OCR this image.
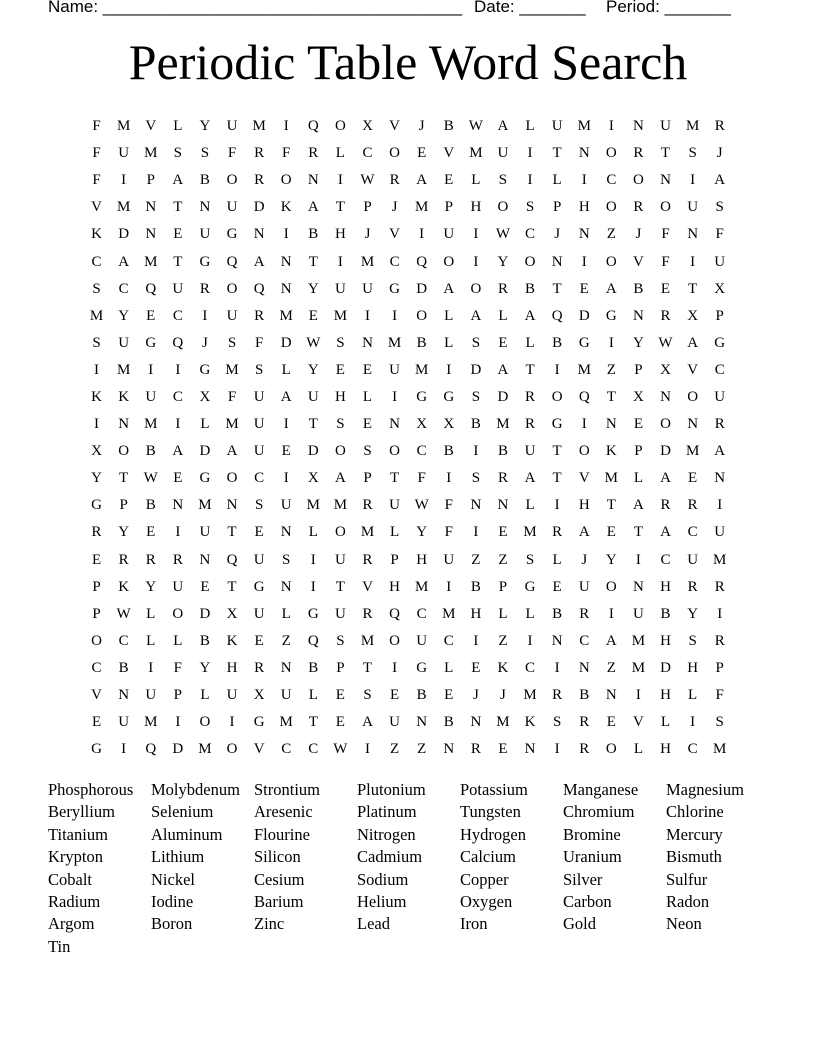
Name: ______________________________________ Date: _______ Period: _______
Periodic Table Word Search
F	M	V	L	Y	U	M	I	Q	O	X	V	J	B	W A	L	U	M	I	N	U	M	R
F	U	M	S	S	F	R	F	R	L	C	O	E	V	M	U	I	T	N	O	R	T	S	J
F	I	P	A	B	O	R	O	N	I	W	R	A	E	L	S	I	L	I	C	O	N	I	A
V	M	N	T	N	U	D	K	A	T	P	J	M	P	H	O	S	P	H	O	R	O	U	S
K	D	N	E	U	G	N	I	B	H	J	V	I	U	I	W	C	J	N	Z	J	F	N	F
C	A	M	T	G	Q	A	N	T	I	M	C	Q	O	I	Y	O	N	I	O	V	F	I	U
S	C	Q	U	R	O	Q	N	Y	U	U	G	D	A	O	R	B	T	E	A	B	E	T	X
M	Y	E	C	I	U	R	M	E	M	I	I	O	L	A	L	A	Q	D	G	N	R	X	P
S	U	G	Q	J	S	F	D W	S	N	M	B	L	S	E	L	B	G	I	Y W A	G
I	M	I	I	G	M	S	L	Y	E	E	U	M	I	D	A	T	I	M	Z	P	X	V	C
K	K	U	C	X	F	U	A	U	H	L	I	G	G	S	D	R	O	Q	T	X	N	O	U
I	N	M	I	L	M	U	I	T	S	E	N	X	X	B	M	R	G	I	N	E	O	N	R
X	O	B	A	D	A	U	E	D	O	S	O	C	B	I	B	U	T	O	K	P	D	M	A
Y	T	W	E	G	O	C	I	X	A	P	T	F	I	S	R	A	T	V	M	L	A	E	N
G	P	B	N	M	N	S	U	M M	R	U W	F	N	N	L	I	H	T	A	R	R	I
R	Y	E	I	U	T	E	N	L	O	M	L	Y	F	I	E	M	R	A	E	T	A	C	U
E	R	R	R	N	Q	U	S	I	U	R	P	H	U	Z	Z	S	L	J	Y	I	C	U	M
P	K	Y	U	E	T	G	N	I	T	V	H	M	I	B	P	G	E	U	O	N	H	R	R
P	W	L	O	D	X	U	L	G	U	R	Q	C	M	H	L	L	B	R	I	U	B	Y	I
O	C	L	L	B	K	E	Z	Q	S	M	O	U	C	I	Z	I	N	C	A	M	H	S	R
C	B	I	F	Y	H	R	N	B	P	T	I	G	L	E	K	C	I	N	Z	M	D	H	P
V	N	U	P	L	U	X	U	L	E	S	E	B	E	J	J	M	R	B	N	I	H	L	F
E	U	M	I	O	I	G	M	T	E	A	U	N	B	N	M	K	S	R	E	V	L	I	S
G	I	Q	D	M	O	V	C	C	W	I	Z	Z	N	R	E	N	I	R	O	L	H	C	M
Phosphorous	Molybdenum Strontium	Plutonium	Potassium	Manganese	Magnesium
Beryllium	Selenium	Aresenic	Platinum	Tungsten	Chromium	Chlorine
Titanium	Aluminum	Flourine	Nitrogen	Hydrogen	Bromine	Mercury
Krypton	Lithium	Silicon	Cadmium	Calcium	Uranium	Bismuth
Cobalt	Nickel	Cesium	Sodium	Copper	Silver	Sulfur
Radium	Iodine	Barium	Helium	Oxygen	Carbon	Radon
Argom	Boron	Zinc	Lead	Iron	Gold	Neon
Tin
